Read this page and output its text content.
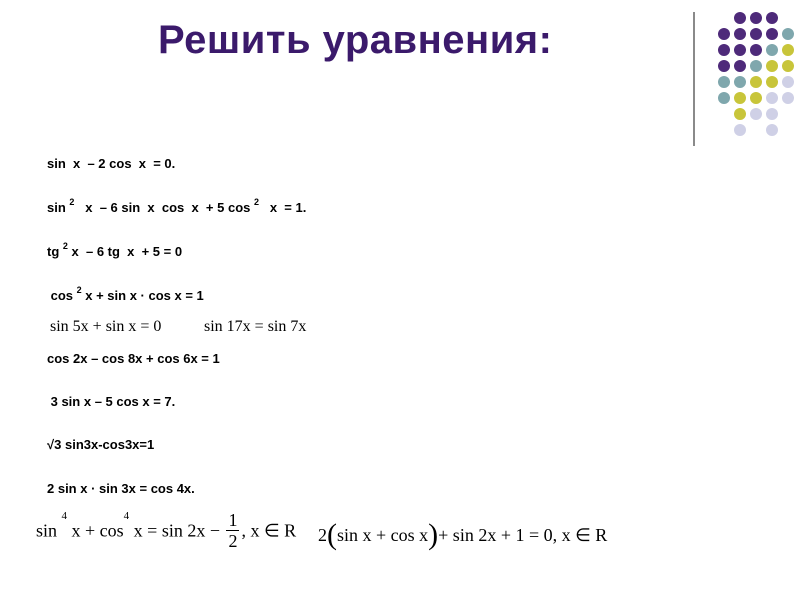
Решить уравнения:
sin  x  – 2 cos  x  = 0.
sin $^2$   x  – 6 sin  x  cos  x  + 5 cos $^2$   x  = 1.
tg $^2$ x  – 6 tg  x  + 5 = 0
cos $^2$ x + sin x · cos x = 1
sin 5x + sin x = 0	sin 17x = sin 7x
cos 2x – cos 8x + cos 6x = 1
3 sin x – 5 cos x = 7.
√3 sin3x-cos3x=1
2 sin x · sin 3x = cos 4x.
sin $^4$ $x + \cos^4 x = \sin 2x - \frac{1}{2}$ , x ∈ R 2(sin x + cos x)+ sin 2x + 1 = 0, x ∈ R
